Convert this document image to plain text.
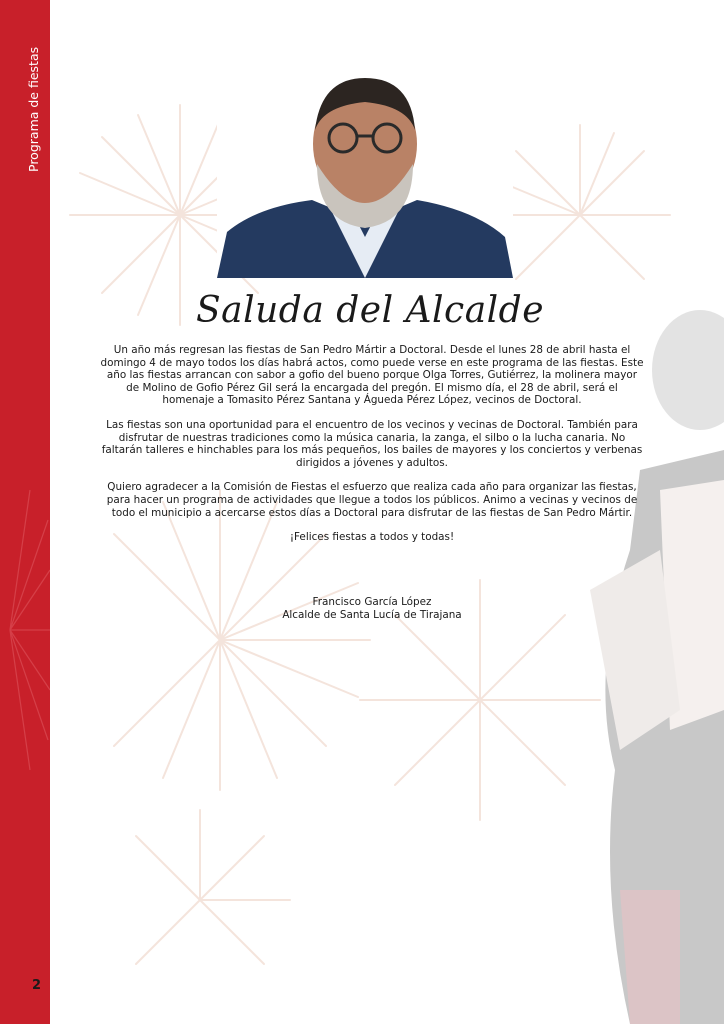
Programa de fiestas
2
Saluda del Alcalde

Un año más regresan las fiestas de San Pedro Mártir a Doctoral. Desde el lunes 28 de abril hasta el domingo 4 de mayo todos los días habrá actos, como puede verse en este programa de las fiestas. Este año las fiestas arrancan con sabor a gofio del bueno porque Olga Torres, Gutiérrez, la molinera mayor de Molino de Gofio Pérez Gil será la encargada del pregón. El mismo día, el 28 de abril, será el homenaje a Tomasito Pérez Santana y Águeda Pérez López, vecinos de Doctoral.

Las fiestas son una oportunidad para el encuentro de los vecinos y vecinas de Doctoral. También para disfrutar de nuestras tradiciones como la música canaria, la zanga, el silbo o la lucha canaria. No faltarán talleres e hinchables para los más pequeños, los bailes de mayores y los conciertos y verbenas dirigidos a jóvenes y adultos.

Quiero agradecer a la Comisión de Fiestas el esfuerzo que realiza cada año para organizar las fiestas, para hacer un programa de actividades que llegue a todos los públicos. Animo a vecinas y vecinos de todo el municipio a acercarse estos días a Doctoral para disfrutar de las fiestas de San Pedro Mártir.

¡Felices fiestas a todos y todas!

Francisco García López
Alcalde de Santa Lucía de Tirajana
